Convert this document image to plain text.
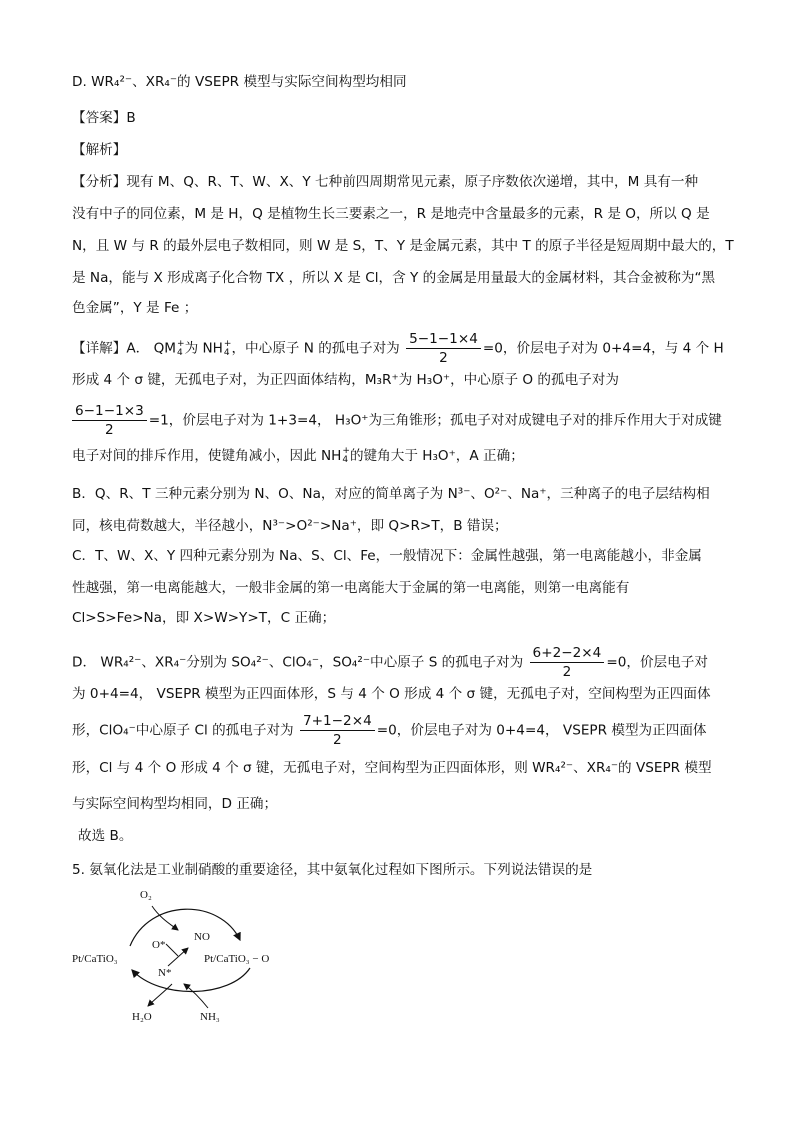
D. WR₄²⁻、XR₄⁻的 VSEPR 模型与实际空间构型均相同
【答案】B
【解析】
【分析】现有 M、Q、R、T、W、X、Y 七种前四周期常见元素，原子序数依次递增，其中，M 具有一种
没有中子的同位素，M 是 H，Q 是植物生长三要素之一，R 是地壳中含量最多的元素，R 是 O，所以 Q 是
N，且 W 与 R 的最外层电子数相同，则 W 是 S，T、Y 是金属元素，其中 T 的原子半径是短周期中最大的，T
是 Na，能与 X 形成离子化合物 TX ，所以 X 是 Cl，含 Y 的金属是用量最大的金属材料，其合金被称为“黑
色金属”，Y 是 Fe ；
【详解】A． QM +
4 为 NH +
4 ，中心原子 N 的孤电子对为 $\frac{5-1-1\times 4}{2} =0$，价层电子对为 0+4=4，与 4 个 H
形成 4 个 σ 键，无孤电子对，为正四面体结构，M₃R⁺为 H₃O⁺，中心原子 O 的孤电子对为
$\frac{6-1-1\times 3}{2} =1$，价层电子对为 1+3=4， H₃O⁺为三角锥形；孤电子对对成键电子对的排斥作用大于对成键
电子对间的排斥作用，使键角减小，因此 NH +
4 的键角大于 H₃O⁺，A 正确；
B．Q、R、T 三种元素分别为 N、O、Na，对应的简单离子为 N³⁻、O²⁻、Na⁺，三种离子的电子层结构相
同，核电荷数越大，半径越小，N³⁻>O²⁻>Na⁺，即 Q>R>T，B 错误；
C．T、W、X、Y 四种元素分别为 Na、S、Cl、Fe，一般情况下：金属性越强，第一电离能越小，非金属
性越强，第一电离能越大，一般非金属的第一电离能大于金属的第一电离能，则第一电离能有
Cl>S>Fe>Na，即 X>W>Y>T，C 正确；
D． WR₄²⁻、XR₄⁻分别为 SO₄²⁻、ClO₄⁻，SO₄²⁻中心原子 S 的孤电子对为 $\frac{6+2-2\times 4}{2} =0$，价层电子对
为 0+4=4， VSEPR 模型为正四面体形，S 与 4 个 O 形成 4 个 σ 键，无孤电子对，空间构型为正四面体
形，ClO₄⁻中心原子 Cl 的孤电子对为 $\frac{7+1-2\times 4}{2} =0$，价层电子对为 0+4=4， VSEPR 模型为正四面体
形，Cl 与 4 个 O 形成 4 个 σ 键，无孤电子对，空间构型为正四面体形，则 WR₄²⁻、XR₄⁻的 VSEPR 模型
与实际空间构型均相同，D 正确；
故选 B。
5. 氨氧化法是工业制硝酸的重要途径，其中氨氧化过程如下图所示。下列说法错误的是
O₂
O*
NO
N*
Pt/CaTiO₃	Pt/CaTiO₃ − O
H₂O	NH₃
